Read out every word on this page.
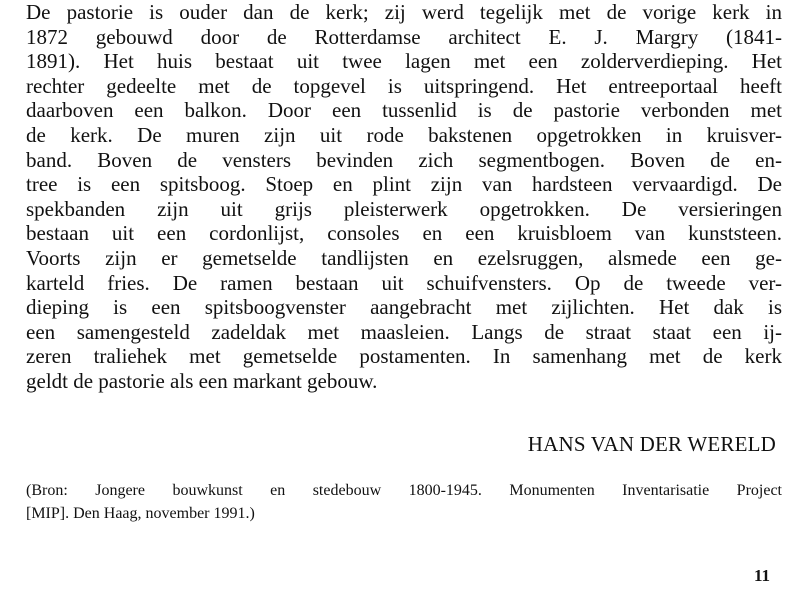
De pastorie is ouder dan de kerk; zij werd tegelijk met de vorige kerk in
1872 gebouwd door de Rotterdamse architect E. J. Margry (1841-
1891). Het huis bestaat uit twee lagen met een zolderverdieping. Het
rechter gedeelte met de topgevel is uitspringend. Het entreeportaal heeft
daarboven een balkon. Door een tussenlid is de pastorie verbonden met
de kerk. De muren zijn uit rode bakstenen opgetrokken in kruisver-
band. Boven de vensters bevinden zich segmentbogen. Boven de en-
tree is een spitsboog. Stoep en plint zijn van hardsteen vervaardigd. De
spekbanden zijn uit grijs pleisterwerk opgetrokken. De versieringen
bestaan uit een cordonlijst, consoles en een kruisbloem van kunststeen.
Voorts zijn er gemetselde tandlijsten en ezelsruggen, alsmede een ge-
karteld fries. De ramen bestaan uit schuifvensters. Op de tweede ver-
dieping is een spitsboogvenster aangebracht met zijlichten. Het dak is
een samengesteld zadeldak met maasleien. Langs de straat staat een ij-
zeren traliehek met gemetselde postamenten. In samenhang met de kerk
geldt de pastorie als een markant gebouw.
HANS VAN DER WERELD
(Bron: Jongere bouwkunst en stedebouw 1800-1945. Monumenten Inventarisatie Project
[MIP]. Den Haag, november 1991.)
11
